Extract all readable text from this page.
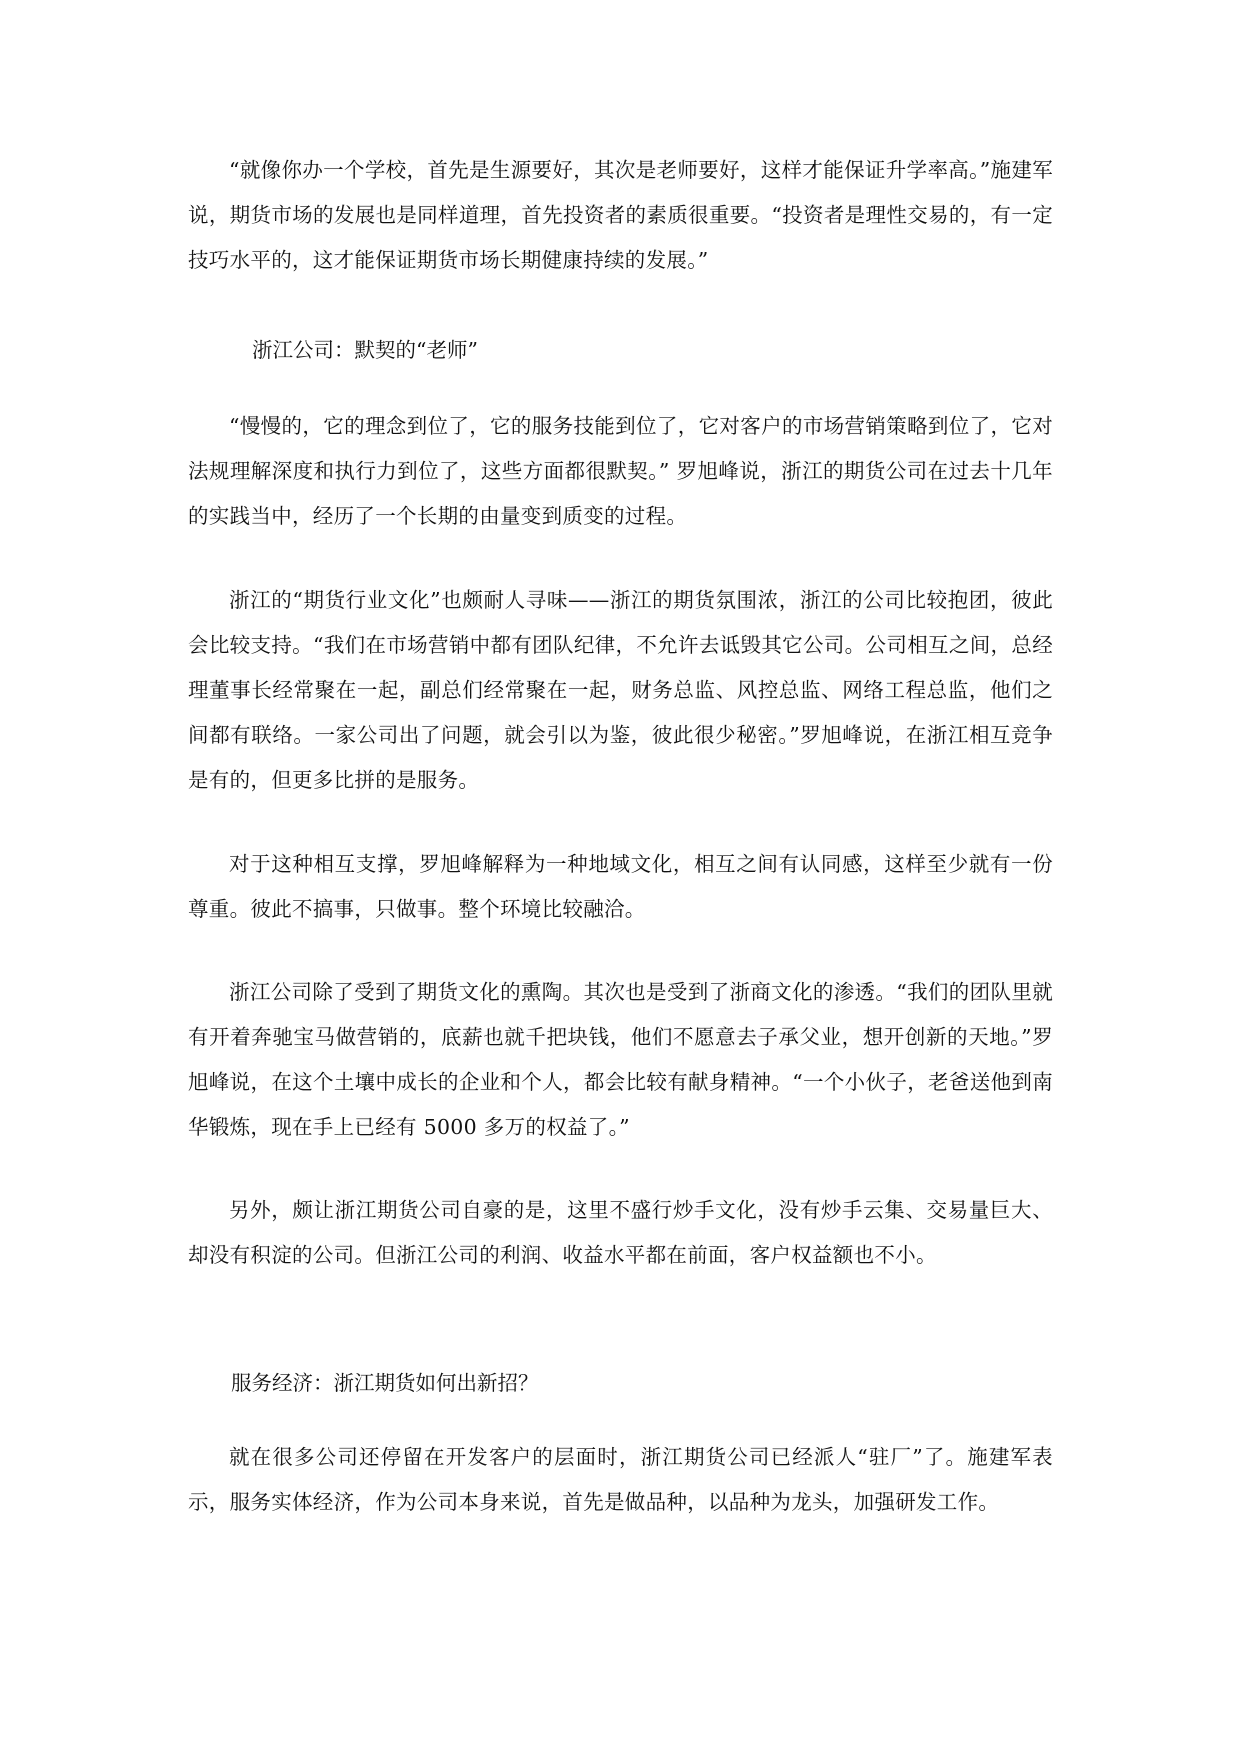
“就像你办一个学校，首先是生源要好，其次是老师要好，这样才能保证升学率高。”施建军说，期货市场的发展也是同样道理，首先投资者的素质很重要。“投资者是理性交易的，有一定技巧水平的，这才能保证期货市场长期健康持续的发展。”

浙江公司：默契的“老师”

“慢慢的，它的理念到位了，它的服务技能到位了，它对客户的市场营销策略到位了，它对法规理解深度和执行力到位了，这些方面都很默契。” 罗旭峰说，浙江的期货公司在过去十几年的实践当中，经历了一个长期的由量变到质变的过程。

浙江的“期货行业文化”也颇耐人寻味——浙江的期货氛围浓，浙江的公司比较抱团，彼此会比较支持。“我们在市场营销中都有团队纪律，不允许去诋毁其它公司。公司相互之间，总经理董事长经常聚在一起，副总们经常聚在一起，财务总监、风控总监、网络工程总监，他们之间都有联络。一家公司出了问题，就会引以为鉴，彼此很少秘密。”罗旭峰说，在浙江相互竞争是有的，但更多比拼的是服务。

对于这种相互支撑，罗旭峰解释为一种地域文化，相互之间有认同感，这样至少就有一份尊重。彼此不搞事，只做事。整个环境比较融洽。

浙江公司除了受到了期货文化的熏陶。其次也是受到了浙商文化的渗透。“我们的团队里就有开着奔驰宝马做营销的，底薪也就千把块钱，他们不愿意去子承父业，想开创新的天地。”罗旭峰说，在这个土壤中成长的企业和个人，都会比较有献身精神。“一个小伙子，老爸送他到南华锻炼，现在手上已经有 5000 多万的权益了。”

另外，颇让浙江期货公司自豪的是，这里不盛行炒手文化，没有炒手云集、交易量巨大、却没有积淀的公司。但浙江公司的利润、收益水平都在前面，客户权益额也不小。

服务经济：浙江期货如何出新招？

就在很多公司还停留在开发客户的层面时，浙江期货公司已经派人“驻厂”了。施建军表示，服务实体经济，作为公司本身来说，首先是做品种，以品种为龙头，加强研发工作。
